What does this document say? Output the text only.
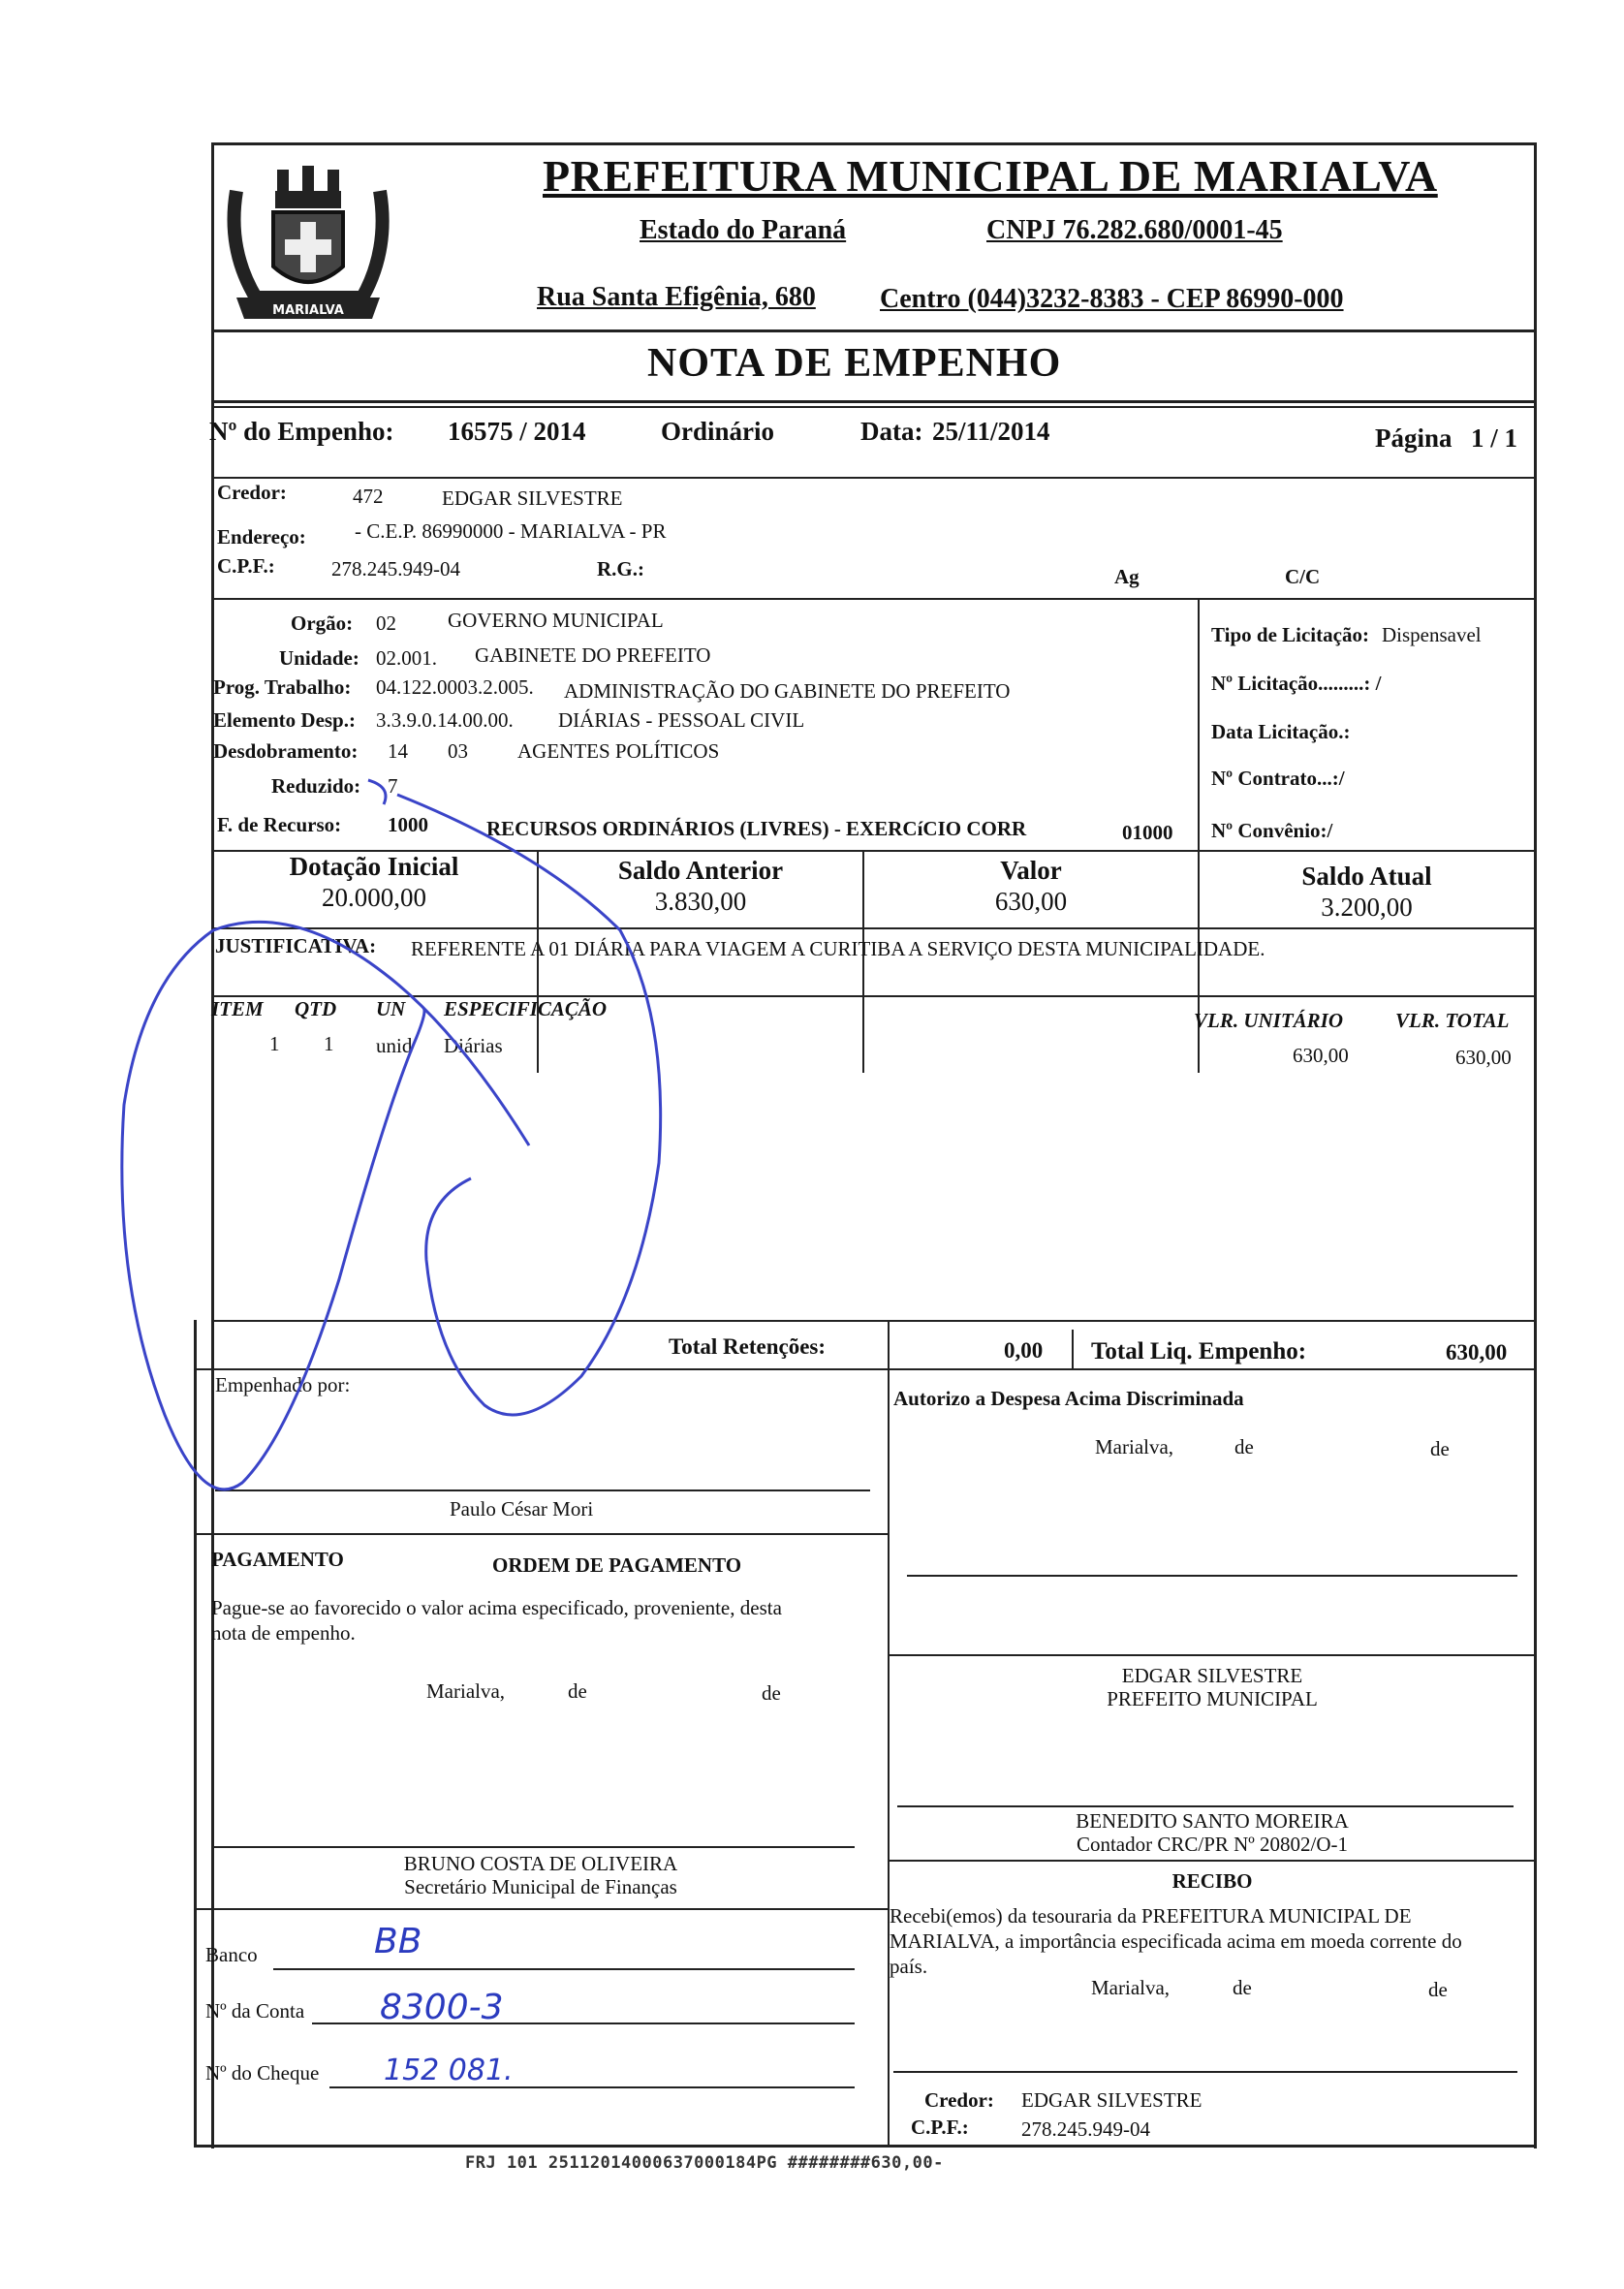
MARIALVA
PREFEITURA MUNICIPAL DE MARIALVA
Estado do Paraná	CNPJ 76.282.680/0001-45
Rua Santa Efigênia, 680 Centro (044)3232-8383 - CEP 86990-000
NOTA DE EMPENHO
Nº do Empenho: 16575 / 2014	Ordinário	Data: 25/11/2014	Página 1 / 1
Credor:	472	EDGAR SILVESTRE
Endereço: - C.E.P. 86990000 - MARIALVA - PR
C.P.F.:	278.245.949-04	R.G.:	Ag	C/C
Orgão: 02	GOVERNO MUNICIPAL
Unidade: 02.001. GABINETE DO PREFEITO
Prog. Trabalho: 04.122.0003.2.005. ADMINISTRAÇÃO DO GABINETE DO PREFEITO
Elemento Desp.: 3.3.9.0.14.00.00. DIÁRIAS - PESSOAL CIVIL
Desdobramento: 14 03 AGENTES POLÍTICOS
Reduzido: 7
F. de Recurso: 1000	RECURSOS ORDINÁRIOS (LIVRES) - EXERCíCIO CORR	01000
Tipo de Licitação: Dispensavel
Nº Licitação.........: /
Data Licitação.:
Nº Contrato...:/
Nº Convênio:/
Dotação Inicial
20.000,00
Saldo Anterior
3.830,00
Valor
630,00
Saldo Atual
3.200,00
JUSTIFICATIVA: REFERENTE A 01 DIÁRIA PARA VIAGEM A CURITIBA A SERVIÇO DESTA MUNICIPALIDADE.
ITEM QTD UN ESPECIFICAÇÃO	VLR. UNITÁRIO	VLR. TOTAL
1 1 unid Diárias	630,00	630,00
Total Retenções:	0,00 Total Liq. Empenho:	630,00
Empenhado por:
Paulo César Mori
PAGAMENTO	ORDEM DE PAGAMENTO
Pague-se ao favorecido o valor acima especificado, proveniente, desta
nota de empenho.
Marialva,	de	de
BRUNO COSTA DE OLIVEIRA
Secretário Municipal de Finanças
Banco	BB
Nº da Conta 8300-3
Nº do Cheque 152 081.
Autorizo a Despesa Acima Discriminada
Marialva,	de	de
EDGAR SILVESTRE
PREFEITO MUNICIPAL
BENEDITO SANTO MOREIRA
Contador CRC/PR Nº 20802/O-1
RECIBO
Recebi(emos) da tesouraria da PREFEITURA MUNICIPAL DE
MARIALVA, a importância especificada acima em moeda corrente do
país.
Marialva,	de	de
Credor: EDGAR SILVESTRE
C.P.F.:	278.245.949-04
FRJ 101 25112014000637000184PG ########630,00-
